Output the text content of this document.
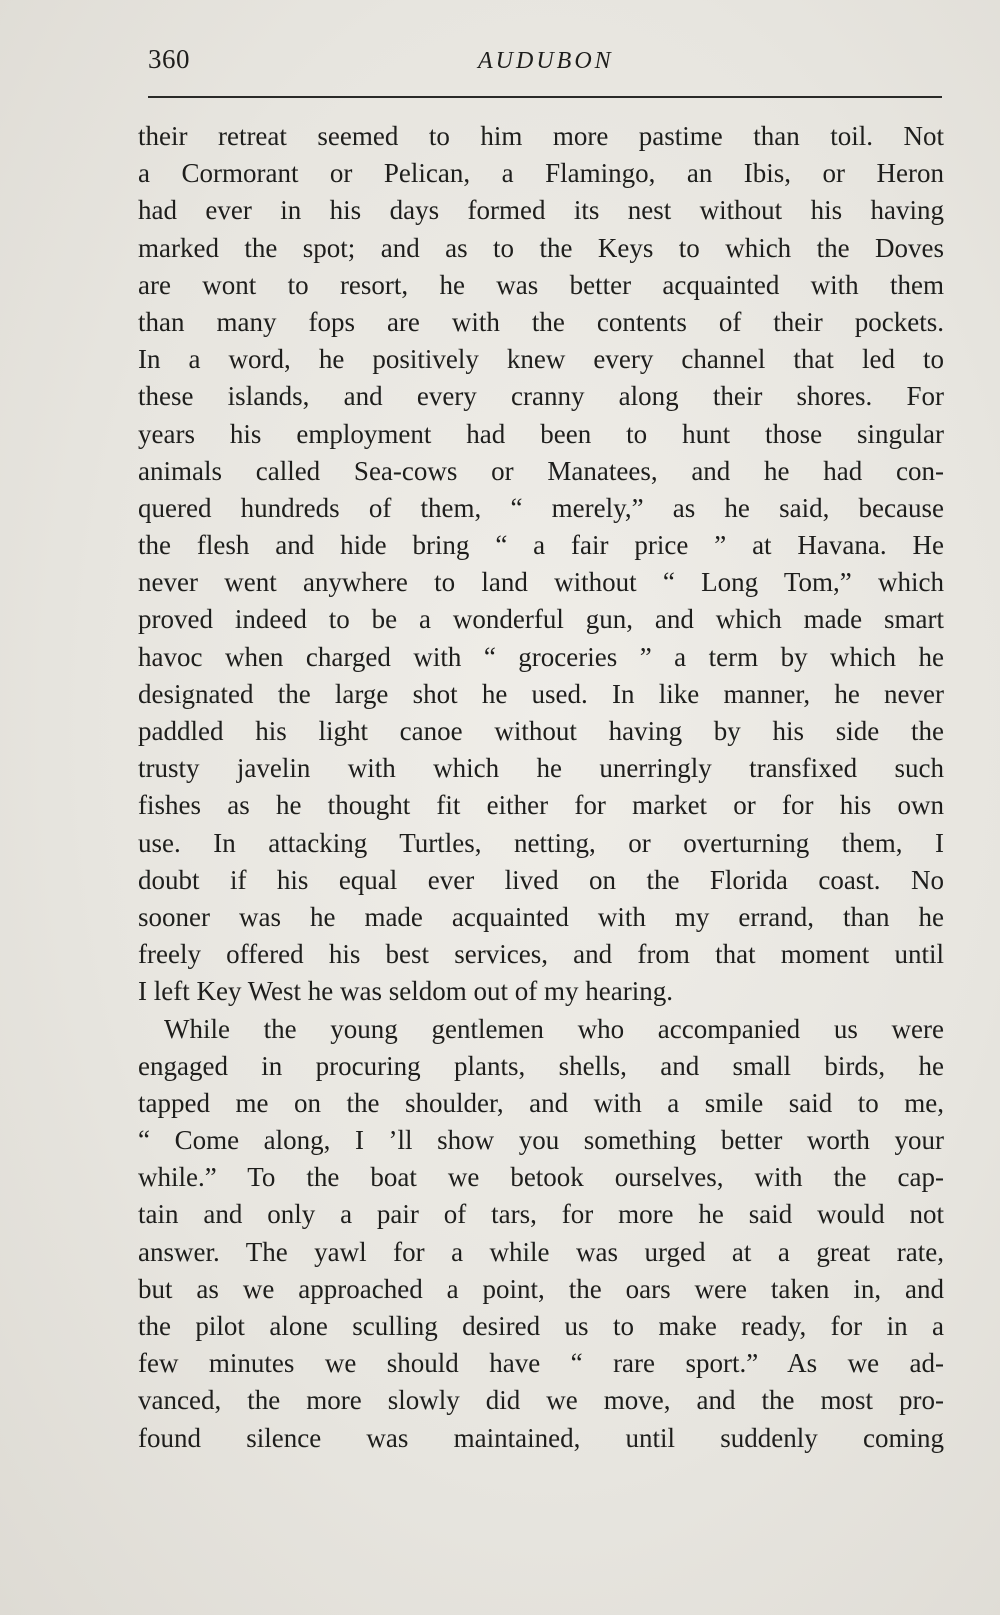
360	AUDUBON
their retreat seemed to him more pastime than toil. Not
a Cormorant or Pelican, a Flamingo, an Ibis, or Heron
had ever in his days formed its nest without his having
marked the spot; and as to the Keys to which the Doves
are wont to resort, he was better acquainted with them
than many fops are with the contents of their pockets.
In a word, he positively knew every channel that led to
these islands, and every cranny along their shores. For
years his employment had been to hunt those singular
animals called Sea-cows or Manatees, and he had con-
quered hundreds of them, “ merely,” as he said, because
the flesh and hide bring “ a fair price ” at Havana. He
never went anywhere to land without “ Long Tom,” which
proved indeed to be a wonderful gun, and which made smart
havoc when charged with “ groceries ” a term by which he
designated the large shot he used. In like manner, he never
paddled his light canoe without having by his side the
trusty javelin with which he unerringly transfixed such
fishes as he thought fit either for market or for his own
use. In attacking Turtles, netting, or overturning them, I
doubt if his equal ever lived on the Florida coast. No
sooner was he made acquainted with my errand, than he
freely offered his best services, and from that moment until
I left Key West he was seldom out of my hearing.
While the young gentlemen who accompanied us were
engaged in procuring plants, shells, and small birds, he
tapped me on the shoulder, and with a smile said to me,
“ Come along, I ’ll show you something better worth your
while.” To the boat we betook ourselves, with the cap-
tain and only a pair of tars, for more he said would not
answer. The yawl for a while was urged at a great rate,
but as we approached a point, the oars were taken in, and
the pilot alone sculling desired us to make ready, for in a
few minutes we should have “ rare sport.” As we ad-
vanced, the more slowly did we move, and the most pro-
found silence was maintained, until suddenly coming
